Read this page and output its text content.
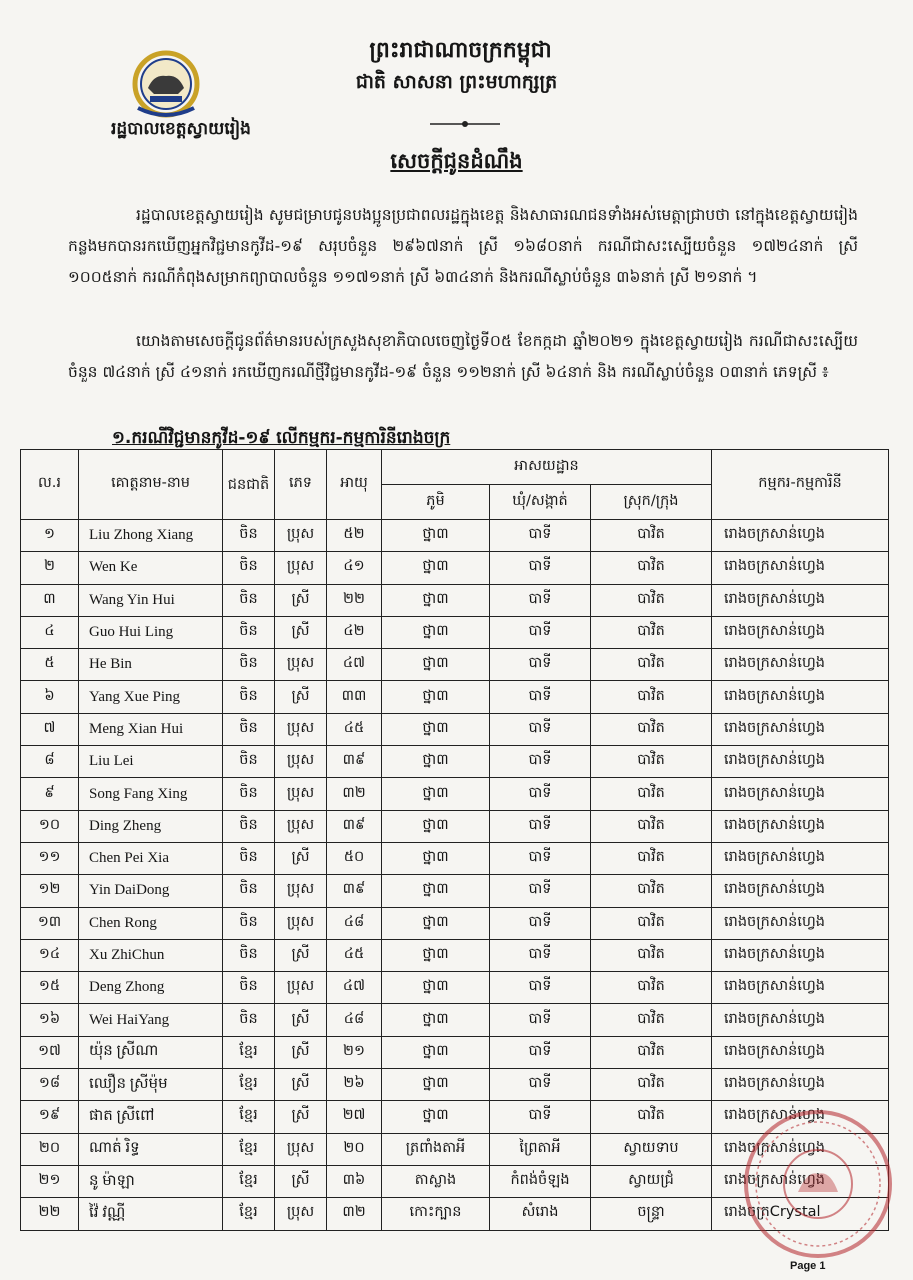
រដ្ឋបាលខេត្តស្វាយរៀង
ព្រះរាជាណាចក្រកម្ពុជា
ជាតិ សាសនា ព្រះមហាក្សត្រ
សេចក្តីជូនដំណឹង
រដ្ឋបាលខេត្តស្វាយរៀង សូមជម្រាបជូនបងប្អូនប្រជាពលរដ្ឋក្នុងខេត្ត និងសាធារណជនទាំងអស់មេត្តាជ្រាបថា នៅក្នុងខេត្តស្វាយរៀងកន្លងមកបានរកឃើញអ្នកវិជ្ជមានកូវីដ-១៩ សរុបចំនួន ២៩៦៧នាក់ ស្រី ១៦៨០នាក់ ករណីជាសះស្បើយចំនួន ១៧២៤នាក់ ស្រី ១០០៥នាក់ ករណីកំពុងសម្រាកព្យាបាលចំនួន ១១៧១នាក់ ស្រី ៦៣៤នាក់ និងករណីស្លាប់ចំនួន ៣៦នាក់ ស្រី ២១នាក់ ។
យោងតាមសេចក្តីជូនព័ត៌មានរបស់ក្រសួងសុខាភិបាលចេញថ្ងៃទី០៥ ខែកក្កដា ឆ្នាំ២០២១ ក្នុងខេត្តស្វាយរៀង ករណីជាសះស្បើយចំនួន ៧៤នាក់ ស្រី ៤១នាក់ រកឃើញករណីថ្មីវិជ្ជមានកូវីដ-១៩ ចំនួន ១១២នាក់ ស្រី ៦៤នាក់ និង ករណីស្លាប់ចំនួន ០៣នាក់ ភេទស្រី ៖
១.ករណីវិជ្ជមានកូវីដ-១៩ លើកម្មករ-កម្មការិនីរោងចក្រ
ល.រ	គោត្តនាម-នាម	ជនជាតិ	ភេទ	អាយុ	អាសយដ្ឋាន			កម្មករ-កម្មការិនី
					ភូមិ	ឃុំ/សង្កាត់	ស្រុក/ក្រុង	
១	Liu Zhong Xiang	ចិន	ប្រុស	៥២	ថ្នា៣	បាទី	បាវិត	រោងចក្រសាន់ហ្វេង
២	Wen Ke	ចិន	ប្រុស	៤១	ថ្នា៣	បាទី	បាវិត	រោងចក្រសាន់ហ្វេង
៣	Wang Yin Hui	ចិន	ស្រី	២២	ថ្នា៣	បាទី	បាវិត	រោងចក្រសាន់ហ្វេង
៤	Guo Hui Ling	ចិន	ស្រី	៤២	ថ្នា៣	បាទី	បាវិត	រោងចក្រសាន់ហ្វេង
៥	He Bin	ចិន	ប្រុស	៤៧	ថ្នា៣	បាទី	បាវិត	រោងចក្រសាន់ហ្វេង
៦	Yang Xue Ping	ចិន	ស្រី	៣៣	ថ្នា៣	បាទី	បាវិត	រោងចក្រសាន់ហ្វេង
៧	Meng Xian Hui	ចិន	ប្រុស	៤៥	ថ្នា៣	បាទី	បាវិត	រោងចក្រសាន់ហ្វេង
៨	Liu Lei	ចិន	ប្រុស	៣៩	ថ្នា៣	បាទី	បាវិត	រោងចក្រសាន់ហ្វេង
៩	Song Fang Xing	ចិន	ប្រុស	៣២	ថ្នា៣	បាទី	បាវិត	រោងចក្រសាន់ហ្វេង
១០	Ding Zheng	ចិន	ប្រុស	៣៩	ថ្នា៣	បាទី	បាវិត	រោងចក្រសាន់ហ្វេង
១១	Chen Pei Xia	ចិន	ស្រី	៥០	ថ្នា៣	បាទី	បាវិត	រោងចក្រសាន់ហ្វេង
១២	Yin DaiDong	ចិន	ប្រុស	៣៩	ថ្នា៣	បាទី	បាវិត	រោងចក្រសាន់ហ្វេង
១៣	Chen Rong	ចិន	ប្រុស	៤៨	ថ្នា៣	បាទី	បាវិត	រោងចក្រសាន់ហ្វេង
១៤	Xu ZhiChun	ចិន	ស្រី	៤៥	ថ្នា៣	បាទី	បាវិត	រោងចក្រសាន់ហ្វេង
១៥	Deng Zhong	ចិន	ប្រុស	៤៧	ថ្នា៣	បាទី	បាវិត	រោងចក្រសាន់ហ្វេង
១៦	Wei HaiYang	ចិន	ស្រី	៤៨	ថ្នា៣	បាទី	បាវិត	រោងចក្រសាន់ហ្វេង
១៧	យ៉ុន ស្រីណា	ខ្មែរ	ស្រី	២១	ថ្នា៣	បាទី	បាវិត	រោងចក្រសាន់ហ្វេង
១៨	ឈឿន ស្រីម៉ុម	ខ្មែរ	ស្រី	២៦	ថ្នា៣	បាទី	បាវិត	រោងចក្រសាន់ហ្វេង
១៩	ផាត ស្រីពៅ	ខ្មែរ	ស្រី	២៧	ថ្នា៣	បាទី	បាវិត	រោងចក្រសាន់ហ្វេង
២០	ណាត់ រិទ្ធ	ខ្មែរ	ប្រុស	២០	ត្រពាំងតាអី	ព្រៃតាអី	ស្វាយទាប	រោងចក្រសាន់ហ្វេង
២១	នូ ម៉ាឡា	ខ្មែរ	ស្រី	៣៦	តាស្លាង	កំពង់ចំឡង	ស្វាយជ្រំ	រោងចក្រសាន់ហ្វេង
២២	វ៉ៃ វណ្ណី	ខ្មែរ	ប្រុស	៣២	កោះក្បាន	សំរោង	ចន្ទ្រា	រោងចក្រCrystal
Page 1
